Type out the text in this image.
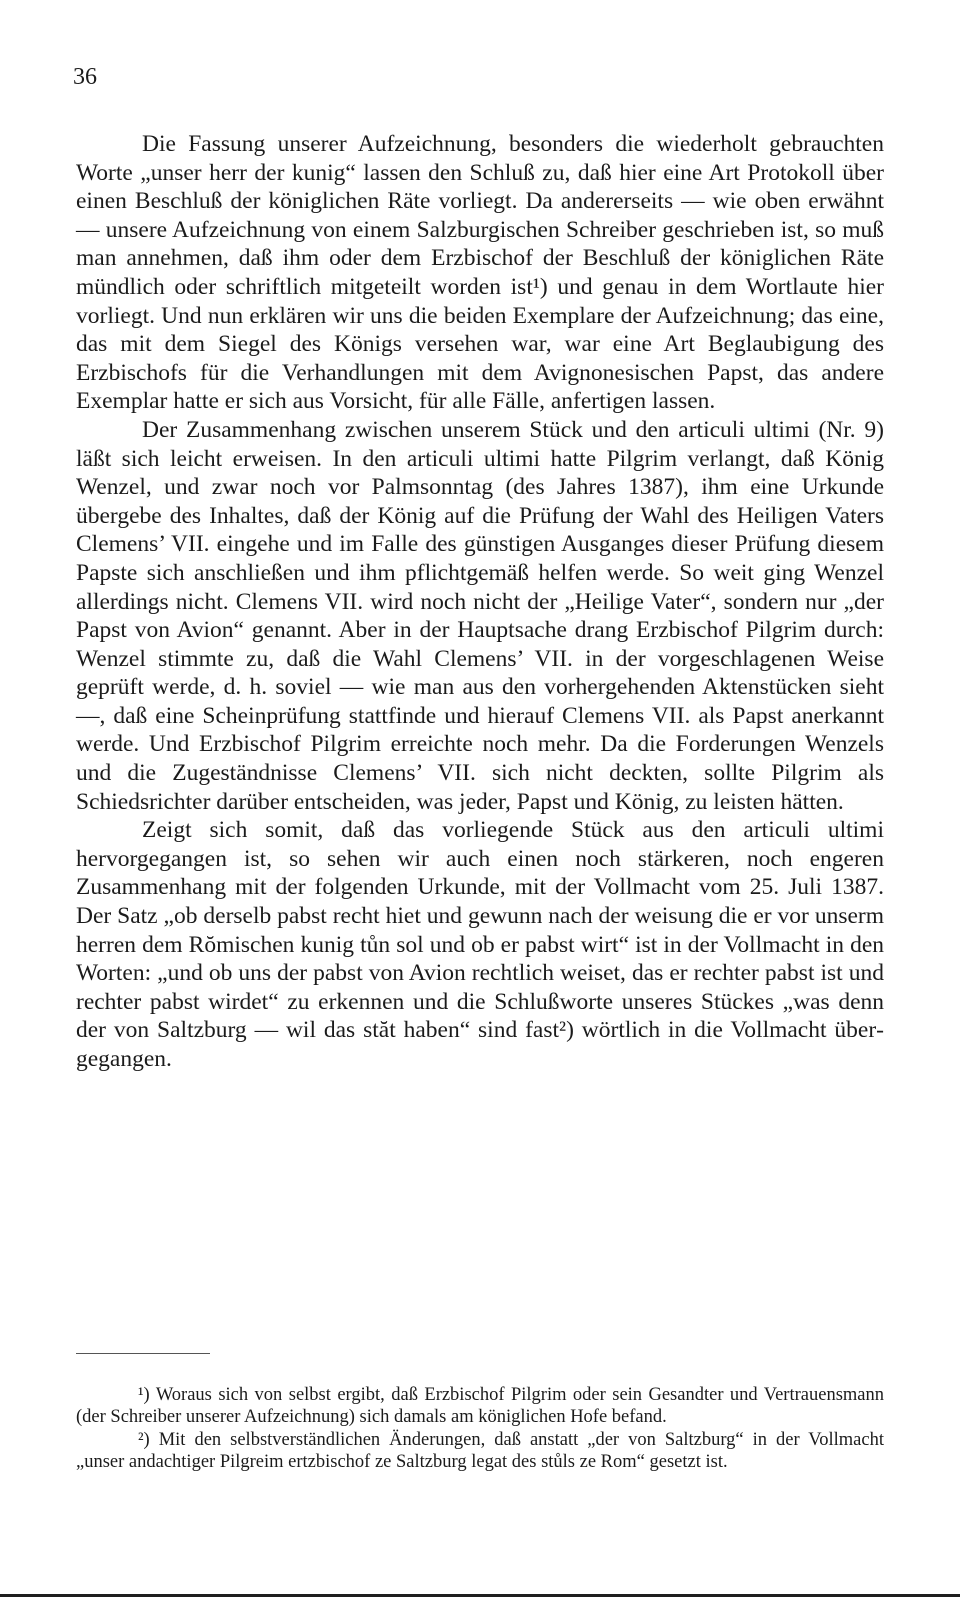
36

Die Fassung unserer Aufzeichnung, besonders die wiederholt gebrauchten Worte „unser herr der kunig“ lassen den Schluß zu, daß hier eine Art Protokoll über einen Beschluß der königlichen Räte vorliegt. Da andererseits — wie oben erwähnt — unsere Aufzeichnung von einem Salzburgischen Schreiber geschrieben ist, so muß man annehmen, daß ihm oder dem Erzbischof der Beschluß der königlichen Räte mündlich oder schriftlich mitgeteilt worden ist¹) und genau in dem Wortlaute hier vorliegt. Und nun erklären wir uns die beiden Exemplare der Aufzeichnung; das eine, das mit dem Siegel des Königs versehen war, war eine Art Beglaubigung des Erzbischofs für die Verhandlungen mit dem Avignonesischen Papst, das andere Exemplar hatte er sich aus Vorsicht, für alle Fälle, anfertigen lassen.

Der Zusammenhang zwischen unserem Stück und den articuli ultimi (Nr. 9) läßt sich leicht erweisen. In den articuli ultimi hatte Pilgrim verlangt, daß König Wenzel, und zwar noch vor Palmsonntag (des Jahres 1387), ihm eine Urkunde übergebe des Inhaltes, daß der König auf die Prüfung der Wahl des Heiligen Vaters Clemens’ VII. eingehe und im Falle des günstigen Ausganges dieser Prüfung diesem Papste sich anschließen und ihm pflichtgemäß helfen werde. So weit ging Wenzel allerdings nicht. Clemens VII. wird noch nicht der „Heilige Vater“, sondern nur „der Papst von Avion“ genannt. Aber in der Hauptsache drang Erzbischof Pilgrim durch: Wenzel stimmte zu, daß die Wahl Clemens’ VII. in der vorgeschlagenen Weise geprüft werde, d. h. soviel — wie man aus den vorhergehenden Aktenstücken sieht —, daß eine Scheinprüfung stattfinde und hierauf Clemens VII. als Papst anerkannt werde. Und Erzbischof Pilgrim erreichte noch mehr. Da die Forderungen Wenzels und die Zugeständnisse Clemens’ VII. sich nicht deckten, sollte Pilgrim als Schiedsrichter darüber entscheiden, was jeder, Papst und König, zu leisten hätten.

Zeigt sich somit, daß das vorliegende Stück aus den articuli ultimi hervorgegangen ist, so sehen wir auch einen noch stärkeren, noch engeren Zusammenhang mit der folgenden Urkunde, mit der Vollmacht vom 25. Juli 1387. Der Satz „ob derselb pabst recht hiet und gewunn nach der weisung die er vor unserm herren dem Rŏmischen kunig tůn sol und ob er pabst wirt“ ist in der Vollmacht in den Worten: „und ob uns der pabst von Avion rechtlich weiset, das er rechter pabst ist und rechter pabst wirdet“ zu erkennen und die Schlußworte unseres Stückes „was denn der von Saltzburg — wil das stăt haben“ sind fast²) wörtlich in die Vollmacht übergegangen.

¹) Woraus sich von selbst ergibt, daß Erzbischof Pilgrim oder sein Gesandter und Vertrauensmann (der Schreiber unserer Aufzeichnung) sich damals am königlichen Hofe befand.

²) Mit den selbstverständlichen Änderungen, daß anstatt „der von Saltzburg“ in der Vollmacht „unser andachtiger Pilgreim ertzbischof ze Saltzburg legat des stůls ze Rom“ gesetzt ist.
